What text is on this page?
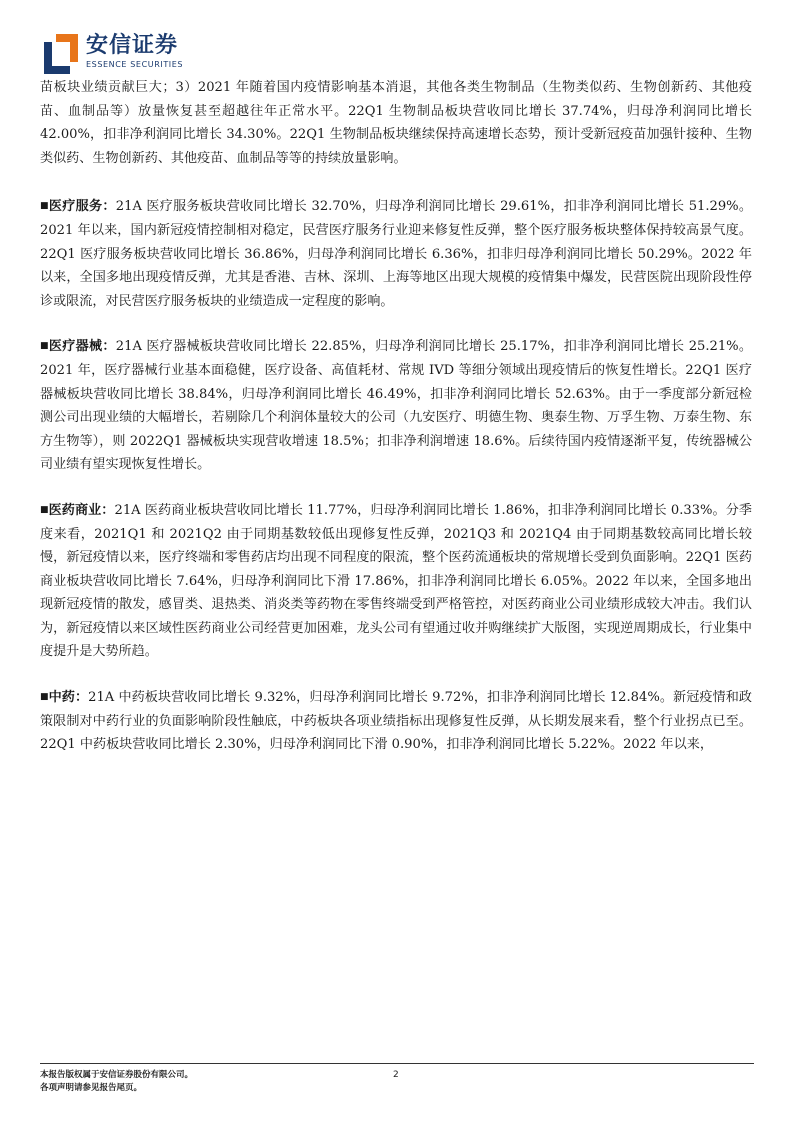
安信证券
ESSENCE SECURITIES

苗板块业绩贡献巨大；3）2021 年随着国内疫情影响基本消退，其他各类生物制品（生物类似药、生物创新药、其他疫苗、血制品等）放量恢复甚至超越往年正常水平。22Q1 生物制品板块营收同比增长 37.74%，归母净利润同比增长 42.00%，扣非净利润同比增长 34.30%。22Q1 生物制品板块继续保持高速增长态势，预计受新冠疫苗加强针接种、生物类似药、生物创新药、其他疫苗、血制品等等的持续放量影响。

■医疗服务：21A 医疗服务板块营收同比增长 32.70%，归母净利润同比增长 29.61%，扣非净利润同比增长 51.29%。2021 年以来，国内新冠疫情控制相对稳定，民营医疗服务行业迎来修复性反弹，整个医疗服务板块整体保持较高景气度。22Q1 医疗服务板块营收同比增长 36.86%，归母净利润同比增长 6.36%，扣非归母净利润同比增长 50.29%。2022 年以来，全国多地出现疫情反弹，尤其是香港、吉林、深圳、上海等地区出现大规模的疫情集中爆发，民营医院出现阶段性停诊或限流，对民营医疗服务板块的业绩造成一定程度的影响。

■医疗器械：21A 医疗器械板块营收同比增长 22.85%，归母净利润同比增长 25.17%，扣非净利润同比增长 25.21%。2021 年，医疗器械行业基本面稳健，医疗设备、高值耗材、常规 IVD 等细分领域出现疫情后的恢复性增长。22Q1 医疗器械板块营收同比增长 38.84%，归母净利润同比增长 46.49%，扣非净利润同比增长 52.63%。由于一季度部分新冠检测公司出现业绩的大幅增长，若剔除几个利润体量较大的公司（九安医疗、明德生物、奥泰生物、万孚生物、万泰生物、东方生物等），则 2022Q1 器械板块实现营收增速 18.5%；扣非净利润增速 18.6%。后续待国内疫情逐渐平复，传统器械公司业绩有望实现恢复性增长。

■医药商业：21A 医药商业板块营收同比增长 11.77%，归母净利润同比增长 1.86%，扣非净利润同比增长 0.33%。分季度来看，2021Q1 和 2021Q2 由于同期基数较低出现修复性反弹，2021Q3 和 2021Q4 由于同期基数较高同比增长较慢，新冠疫情以来，医疗终端和零售药店均出现不同程度的限流，整个医药流通板块的常规增长受到负面影响。22Q1 医药商业板块营收同比增长 7.64%，归母净利润同比下滑 17.86%，扣非净利润同比增长 6.05%。2022 年以来，全国多地出现新冠疫情的散发，感冒类、退热类、消炎类等药物在零售终端受到严格管控，对医药商业公司业绩形成较大冲击。我们认为，新冠疫情以来区域性医药商业公司经营更加困难，龙头公司有望通过收并购继续扩大版图，实现逆周期成长，行业集中度提升是大势所趋。

■中药：21A 中药板块营收同比增长 9.32%，归母净利润同比增长 9.72%，扣非净利润同比增长 12.84%。新冠疫情和政策限制对中药行业的负面影响阶段性触底，中药板块各项业绩指标出现修复性反弹，从长期发展来看，整个行业拐点已至。22Q1 中药板块营收同比增长 2.30%，归母净利润同比下滑 0.90%，扣非净利润同比增长 5.22%。2022 年以来，

本报告版权属于安信证券股份有限公司。
各项声明请参见报告尾页。
2
